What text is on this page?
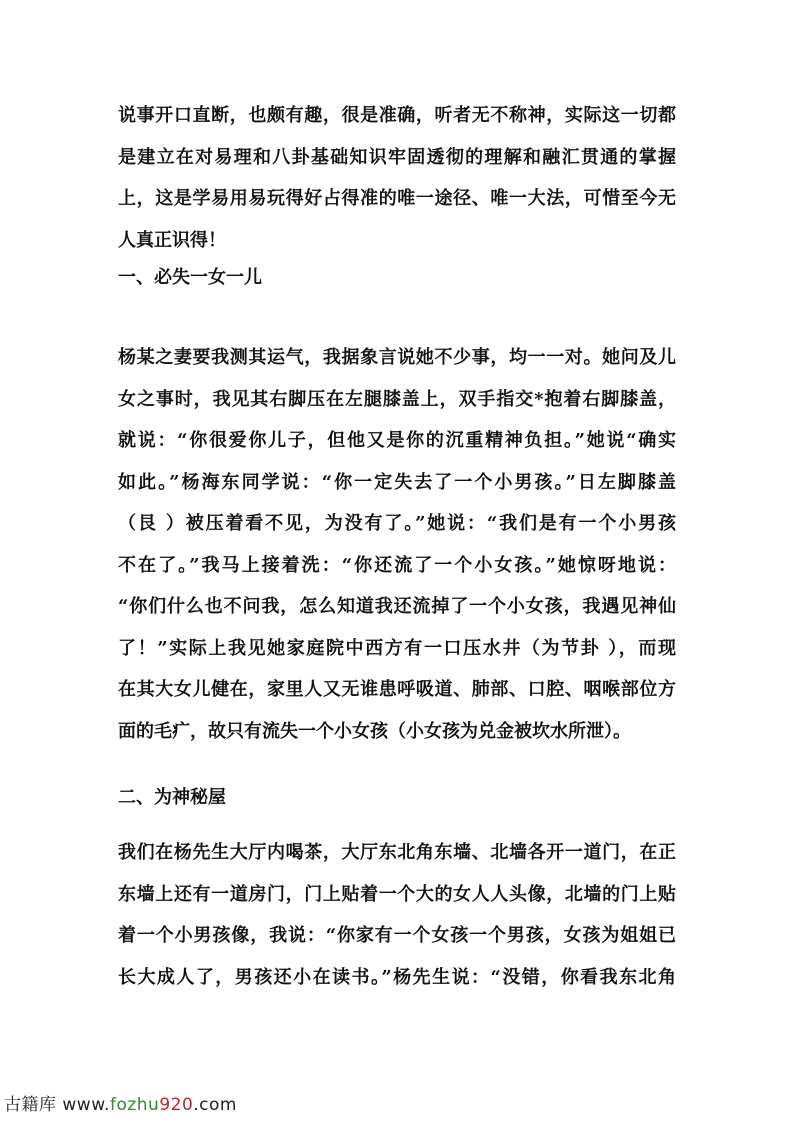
说事开口直断，也颇有趣，很是准确，听者无不称神，实际这一切都
是建立在对易理和八卦基础知识牢固透彻的理解和融汇贯通的掌握
上，这是学易用易玩得好占得准的唯一途径、唯一大法，可惜至今无
人真正识得！
一、必失一女一儿
杨某之妻要我测其运气，我据象言说她不少事，均一一对。她问及儿
女之事时，我见其右脚压在左腿膝盖上，双手指交*抱着右脚膝盖，
就说：“你很爱你儿子，但他又是你的沉重精神负担。”她说“确实
如此。”杨海东同学说：“你一定失去了一个小男孩。”日左脚膝盖
（艮 ）被压着看不见，为没有了。”她说：“我们是有一个小男孩
不在了。”我马上接着洗：“你还流了一个小女孩。”她惊呀地说：
“你们什么也不问我，怎么知道我还流掉了一个小女孩，我遇见神仙
了！”实际上我见她家庭院中西方有一口压水井（为节卦 ），而现
在其大女儿健在，家里人又无谁患呼吸道、肺部、口腔、咽喉部位方
面的毛疒，故只有流失一个小女孩（小女孩为兑金被坎水所泄）。
二、为神秘屋
我们在杨先生大厅内喝茶，大厅东北角东墙、北墙各开一道门，在正
东墙上还有一道房门，门上贴着一个大的女人人头像，北墙的门上贴
着一个小男孩像，我说：“你家有一个女孩一个男孩，女孩为姐姐已
长大成人了，男孩还小在读书。”杨先生说：“没错，你看我东北角
古籍库 www.fozhu920.com
